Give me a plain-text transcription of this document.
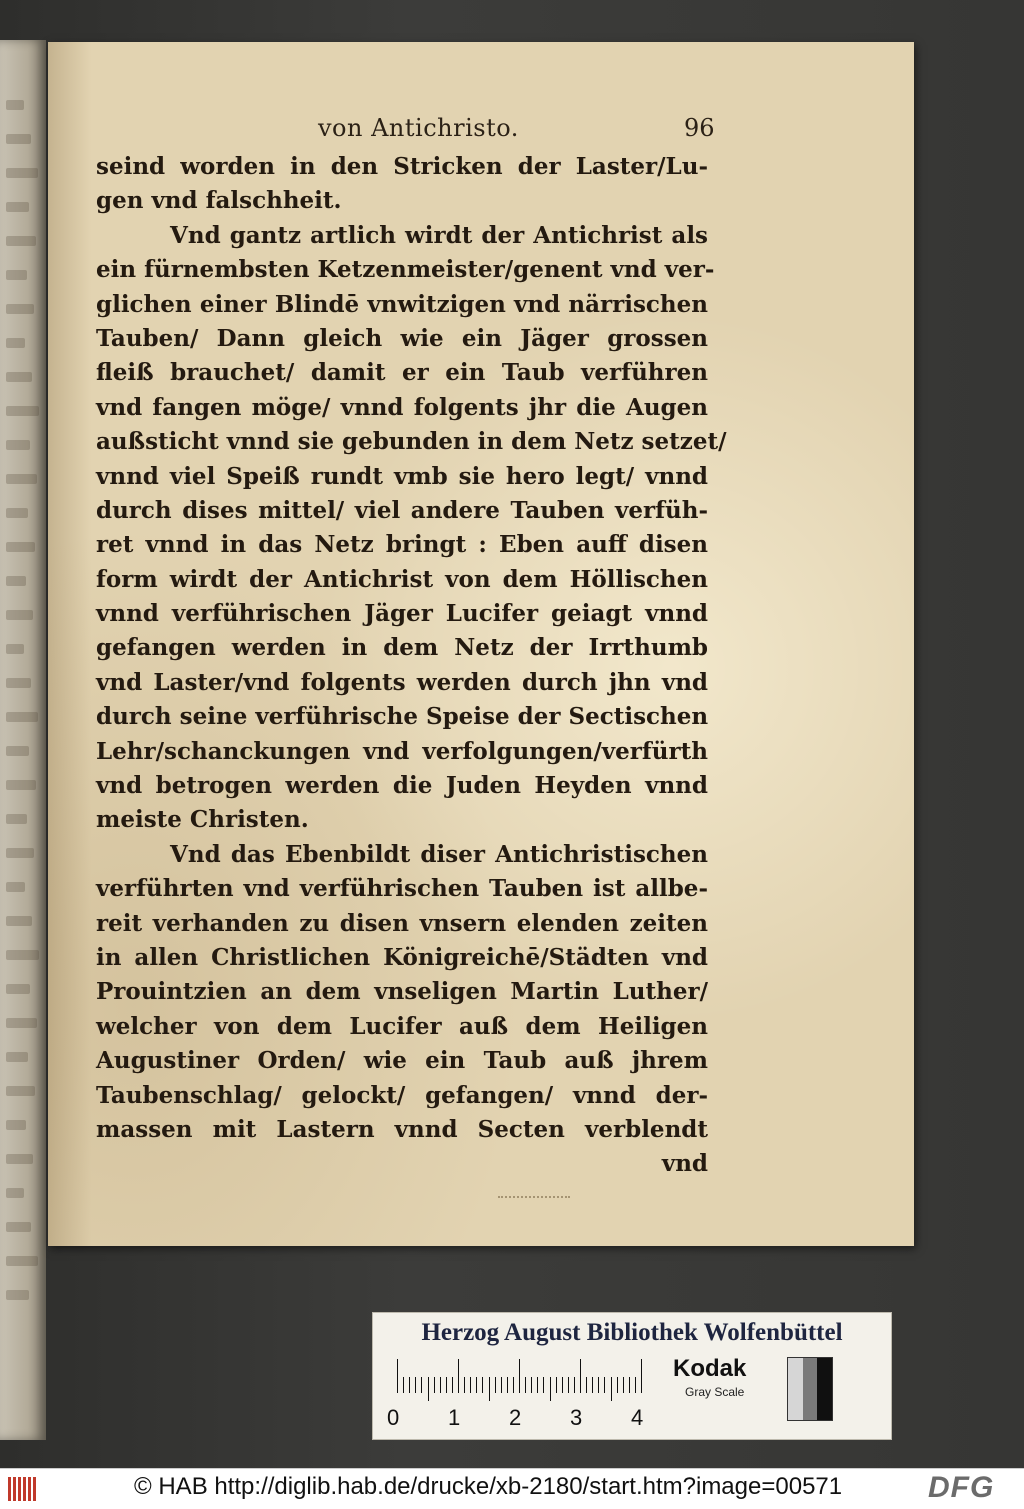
von Antichristo.	96
seind worden in den Stricken der Laster/Lu-
gen vnd falschheit.
Vnd gantz artlich wirdt der Antichrist als
ein fürnembsten Ketzenmeister/genent vnd ver-
glichen einer Blindē vnwitzigen vnd närrischen
Tauben/ Dann gleich wie ein Jäger grossen
fleiß brauchet/ damit er ein Taub verführen
vnd fangen möge/ vnnd folgents jhr die Augen
außsticht vnnd sie gebunden in dem Netz setzet/
vnnd viel Speiß rundt vmb sie hero legt/ vnnd
durch dises mittel/ viel andere Tauben verfüh-
ret vnnd in das Netz bringt : Eben auff disen
form wirdt der Antichrist von dem Höllischen
vnnd verführischen Jäger Lucifer geiagt vnnd
gefangen werden in dem Netz der Irrthumb
vnd Laster/vnd folgents werden durch jhn vnd
durch seine verführische Speise der Sectischen
Lehr/schanckungen vnd verfolgungen/verfürth
vnd betrogen werden die Juden Heyden vnnd
meiste Christen.
Vnd das Ebenbildt diser Antichristischen
verführten vnd verführischen Tauben ist allbe-
reit verhanden zu disen vnsern elenden zeiten
in allen Christlichen Königreichē/Städten vnd
Prouintzien an dem vnseligen Martin Luther/
welcher von dem Lucifer auß dem Heiligen
Augustiner Orden/ wie ein Taub auß jhrem
Taubenschlag/ gelockt/ gefangen/ vnnd der-
massen mit Lastern vnnd Secten verblendt
vnd
Herzog August Bibliothek Wolfenbüttel
0 1 2 3 4
Kodak
Gray Scale
© HAB http://diglib.hab.de/drucke/xb-2180/start.htm?image=00571	DFG
